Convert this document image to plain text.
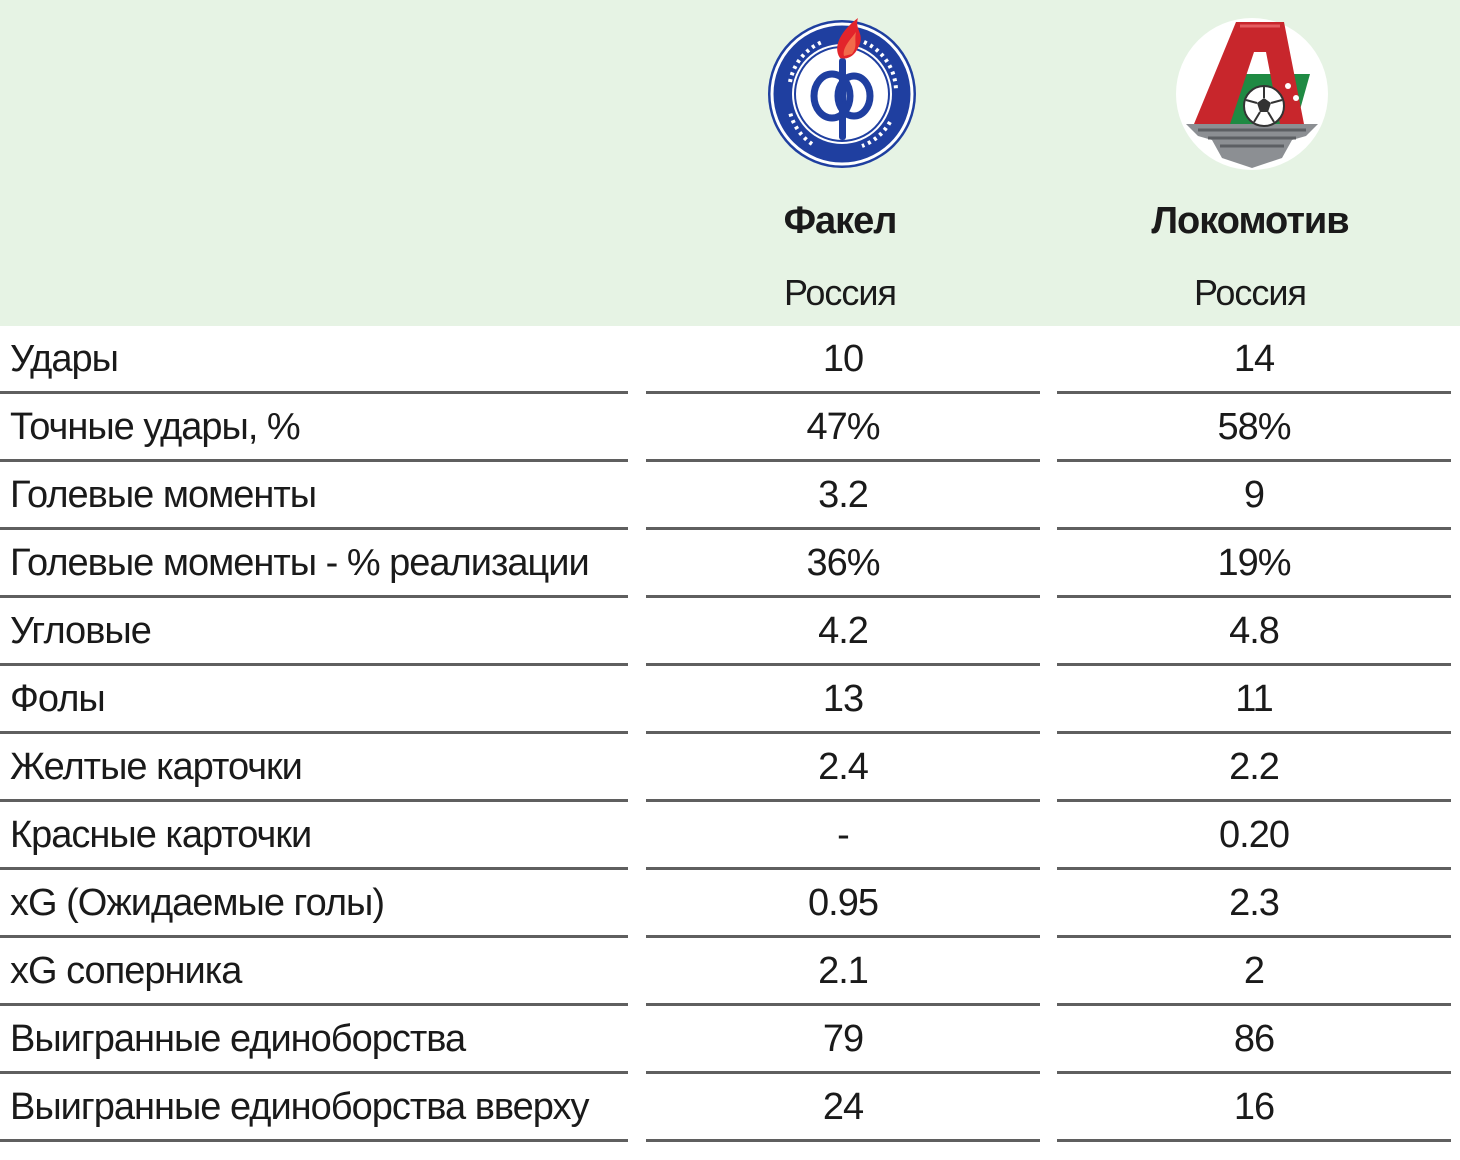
Факел
Россия
Локомотив
Россия
Удары	10	14
Точные удары, %	47%	58%
Голевые моменты	3.2	9
Голевые моменты - % реализации	36%	19%
Угловые	4.2	4.8
Фолы	13	11
Желтые карточки	2.4	2.2
Красные карточки	-	0.20
xG (Ожидаемые голы)	0.95	2.3
xG соперника	2.1	2
Выигранные единоборства	79	86
Выигранные единоборства вверху	24	16
